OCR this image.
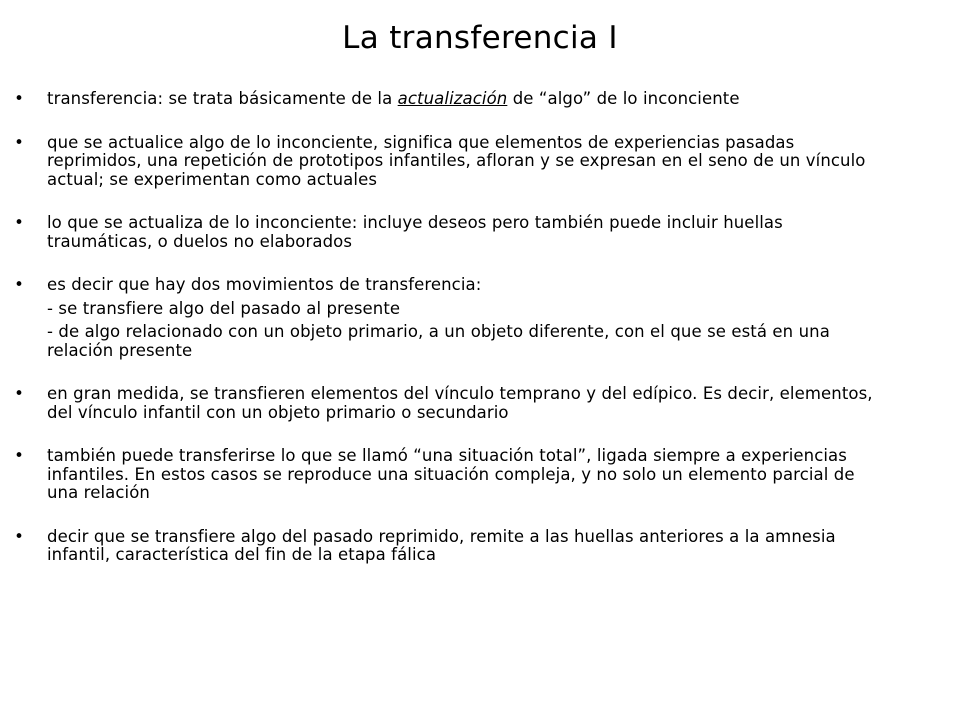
La transferencia I
• transferencia: se trata básicamente de la actualización de “algo” de lo inconciente
• que se actualice algo de lo inconciente, significa que elementos de experiencias pasadas reprimidos, una repetición de prototipos infantiles, afloran y se expresan en el seno de un vínculo actual; se experimentan como actuales
• lo que se actualiza de lo inconciente: incluye deseos pero también puede incluir huellas traumáticas, o duelos no elaborados
• es decir que hay dos movimientos de transferencia:
- se transfiere algo del pasado al presente
- de algo relacionado con un objeto primario, a un objeto diferente, con el que se está en una relación presente
• en gran medida, se transfieren elementos del vínculo temprano y del edípico. Es decir, elementos, del vínculo infantil con un objeto primario o secundario
• también puede transferirse lo que se llamó “una situación total”, ligada siempre a experiencias infantiles. En estos casos se reproduce una situación compleja, y no solo un elemento parcial de una relación
• decir que se transfiere algo del pasado reprimido, remite a las huellas anteriores a la amnesia infantil, característica del fin de la etapa fálica
